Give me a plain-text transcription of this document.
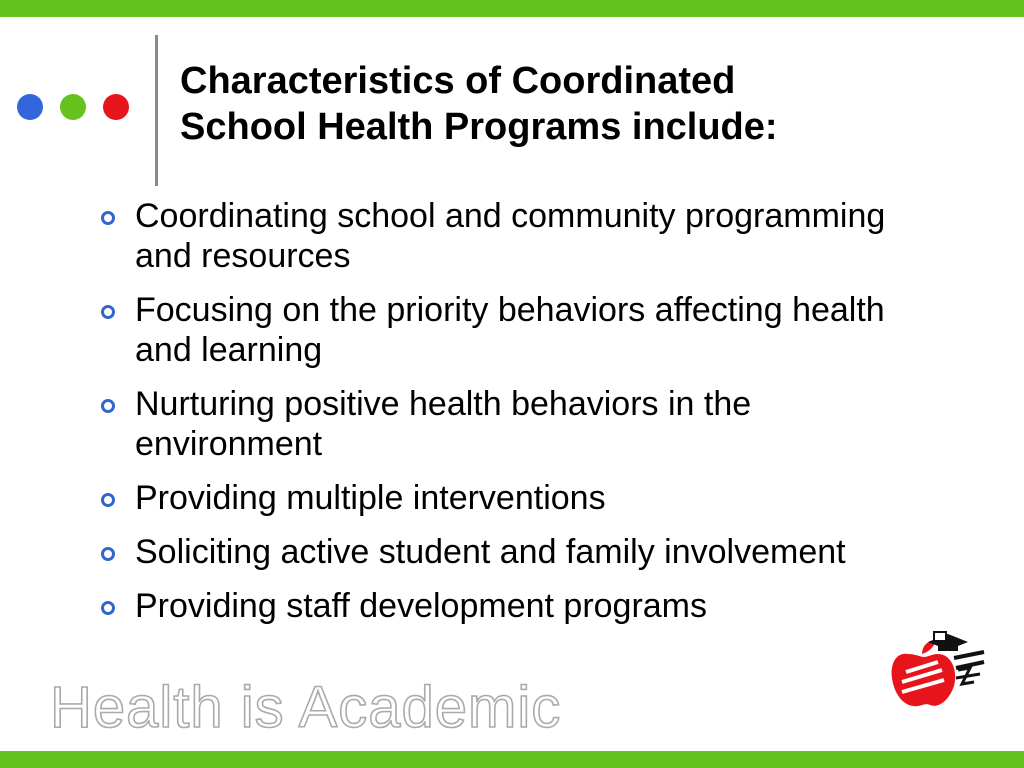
Characteristics of Coordinated
School Health Programs include:
Coordinating school and community programming and resources
Focusing on the priority behaviors affecting health and learning
Nurturing positive health behaviors in the environment
Providing multiple interventions
Soliciting active student and family involvement
Providing staff development programs
Health is Academic
